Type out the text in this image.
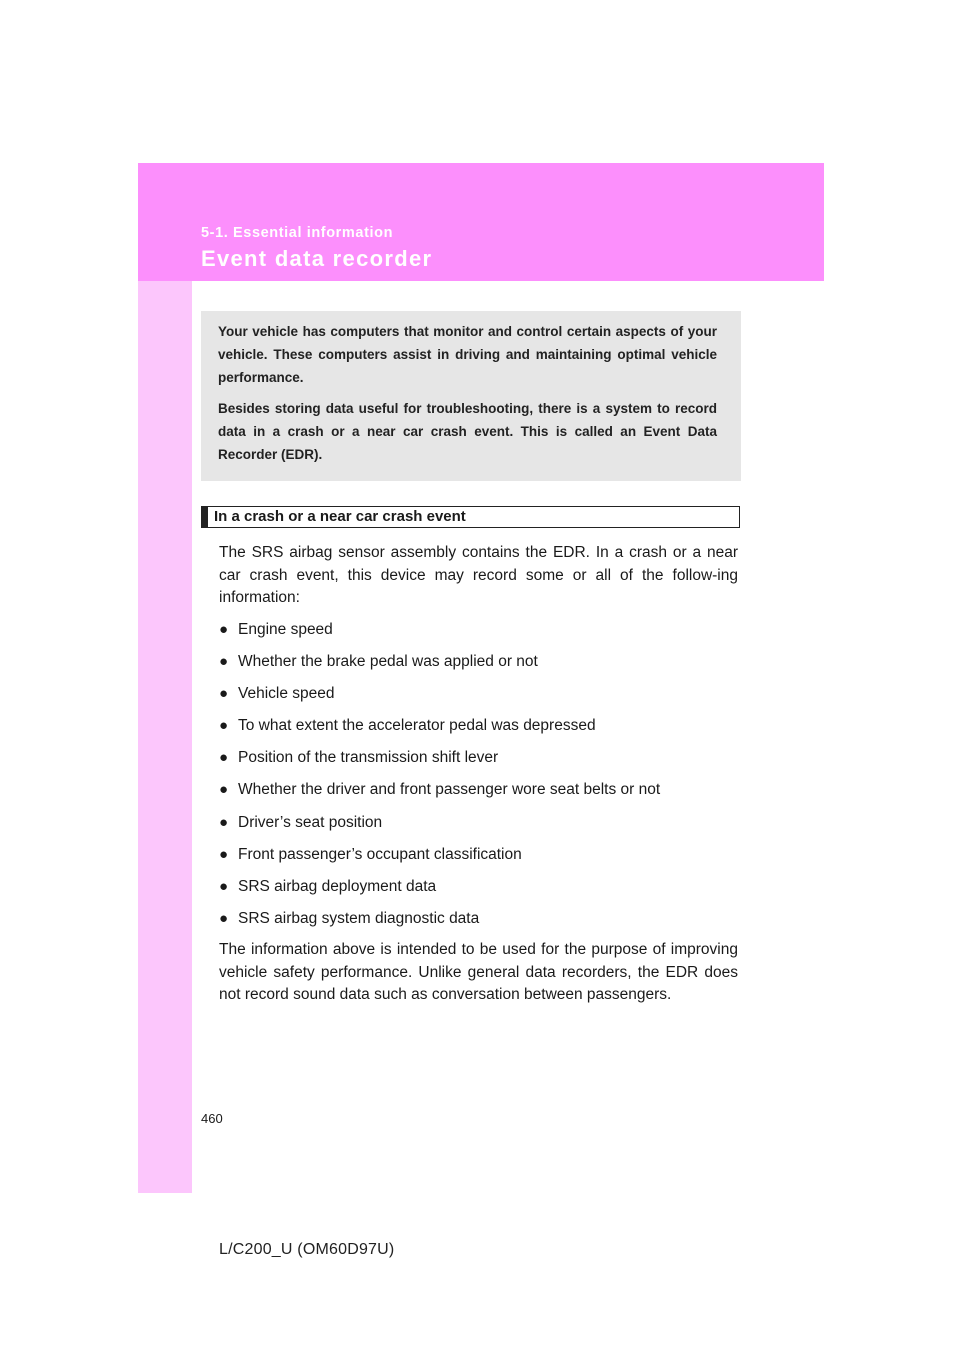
5-1. Essential information
Event data recorder

Your vehicle has computers that monitor and control certain aspects of your vehicle. These computers assist in driving and maintaining optimal vehicle performance.

Besides storing data useful for troubleshooting, there is a system to record data in a crash or a near car crash event. This is called an Event Data Recorder (EDR).

In a crash or a near car crash event

The SRS airbag sensor assembly contains the EDR. In a crash or a near car crash event, this device may record some or all of the follow-ing information:

● Engine speed
● Whether the brake pedal was applied or not
● Vehicle speed
● To what extent the accelerator pedal was depressed
● Position of the transmission shift lever
● Whether the driver and front passenger wore seat belts or not
● Driver’s seat position
● Front passenger’s occupant classification
● SRS airbag deployment data
● SRS airbag system diagnostic data

The information above is intended to be used for the purpose of improving vehicle safety performance. Unlike general data recorders, the EDR does not record sound data such as conversation between passengers.

460
L/C200_U (OM60D97U)
